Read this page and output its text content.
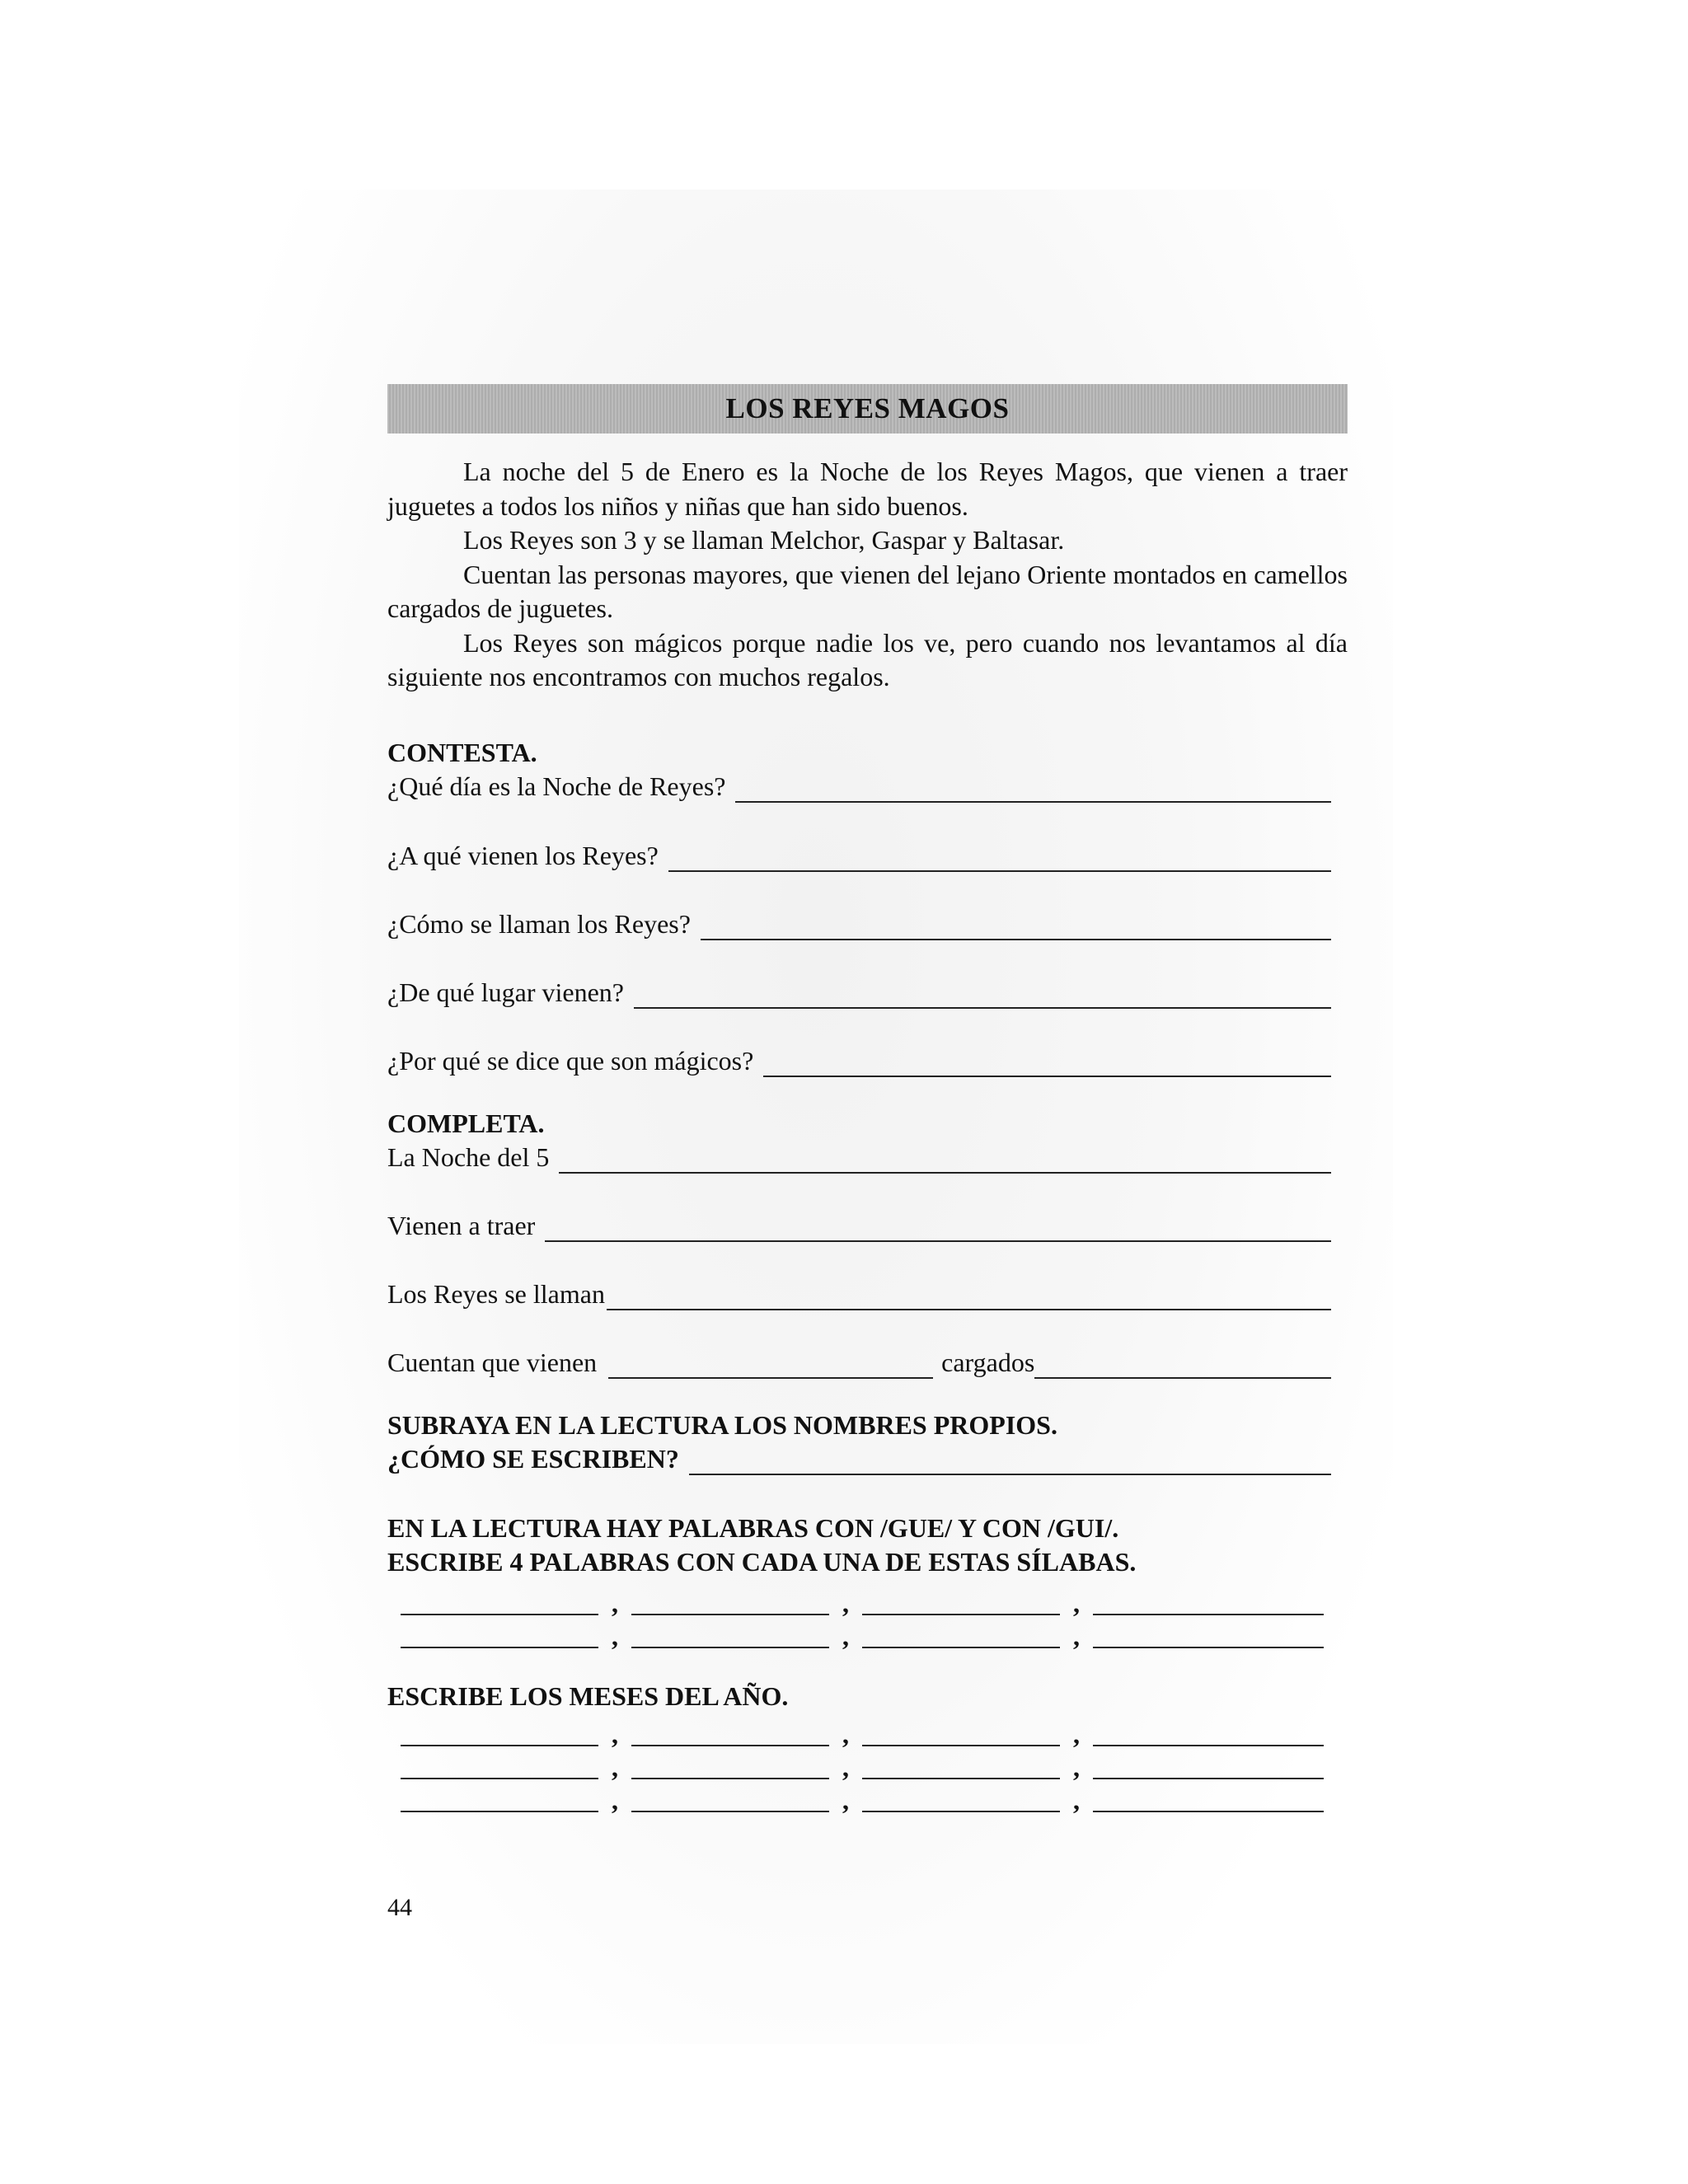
LOS REYES MAGOS

La noche del 5 de Enero es la Noche de los Reyes Magos, que vienen a traer juguetes a todos los niños y niñas que han sido buenos.

Los Reyes son 3 y se llaman Melchor, Gaspar y Baltasar.

Cuentan las personas mayores, que vienen del lejano Oriente montados en camellos cargados de juguetes.

Los Reyes son mágicos porque nadie los ve, pero cuando nos levantamos al día siguiente nos encontramos con muchos regalos.

CONTESTA.
¿Qué día es la Noche de Reyes?
¿A qué vienen los Reyes?
¿Cómo se llaman los Reyes?
¿De qué lugar vienen?
¿Por qué se dice que son mágicos?
COMPLETA.
La Noche del 5
Vienen a traer
Los Reyes se llaman
Cuentan que vienen	cargados
SUBRAYA EN LA LECTURA LOS NOMBRES PROPIOS.
¿CÓMO SE ESCRIBEN?
EN LA LECTURA HAY PALABRAS CON /GUE/ Y CON /GUI/.
ESCRIBE 4 PALABRAS CON CADA UNA DE ESTAS SÍLABAS.
,	,	,
,	,	,
ESCRIBE LOS MESES DEL AÑO.
,	,	,
,	,	,
,	,	,
44
